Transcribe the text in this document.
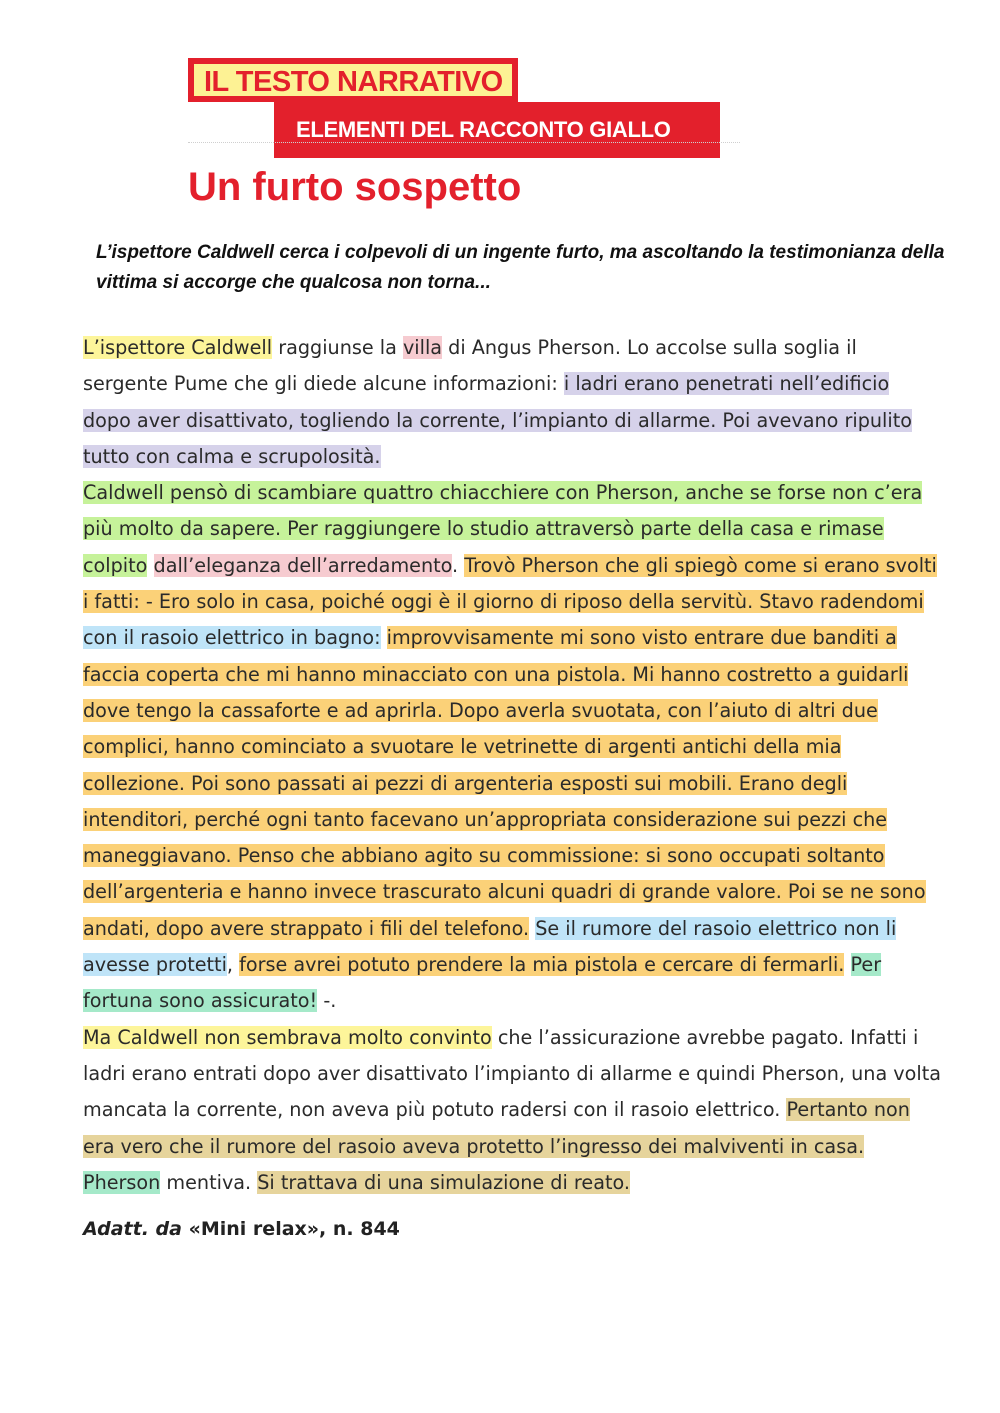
IL TESTO NARRATIVO
ELEMENTI DEL RACCONTO GIALLO
Un furto sospetto

L’ispettore Caldwell cerca i colpevoli di un ingente furto, ma ascoltando la testimonianza della vittima si accorge che qualcosa non torna...

L’ispettore Caldwell raggiunse la villa di Angus Pherson. Lo accolse sulla soglia il sergente Pume che gli diede alcune informazioni: i ladri erano penetrati nell’edificio dopo aver disattivato, togliendo la corrente, l’impianto di allarme. Poi avevano ripulito tutto con calma e scrupolosità.

Caldwell pensò di scambiare quattro chiacchiere con Pherson, anche se forse non c’era più molto da sapere. Per raggiungere lo studio attraversò parte della casa e rimase colpito dall’eleganza dell’arredamento. Trovò Pherson che gli spiegò come si erano svolti i fatti: - Ero solo in casa, poiché oggi è il giorno di riposo della servitù. Stavo radendomi con il rasoio elettrico in bagno: improvvisamente mi sono visto entrare due banditi a faccia coperta che mi hanno minacciato con una pistola. Mi hanno costretto a guidarli dove tengo la cassaforte e ad aprirla. Dopo averla svuotata, con l’aiuto di altri due complici, hanno cominciato a svuotare le vetrinette di argenti antichi della mia collezione. Poi sono passati ai pezzi di argenteria esposti sui mobili. Erano degli intenditori, perché ogni tanto facevano un’appropriata considerazione sui pezzi che maneggiavano. Penso che abbiano agito su commissione: si sono occupati soltanto dell’argenteria e hanno invece trascurato alcuni quadri di grande valore. Poi se ne sono andati, dopo avere strappato i fili del telefono. Se il rumore del rasoio elettrico non li avesse protetti, forse avrei potuto prendere la mia pistola e cercare di fermarli. Per fortuna sono assicurato! -.

Ma Caldwell non sembrava molto convinto che l’assicurazione avrebbe pagato. Infatti i ladri erano entrati dopo aver disattivato l’impianto di allarme e quindi Pherson, una volta mancata la corrente, non aveva più potuto radersi con il rasoio elettrico. Pertanto non era vero che il rumore del rasoio aveva protetto l’ingresso dei malviventi in casa. Pherson mentiva. Si trattava di una simulazione di reato.

Adatt. da «Mini relax», n. 844
